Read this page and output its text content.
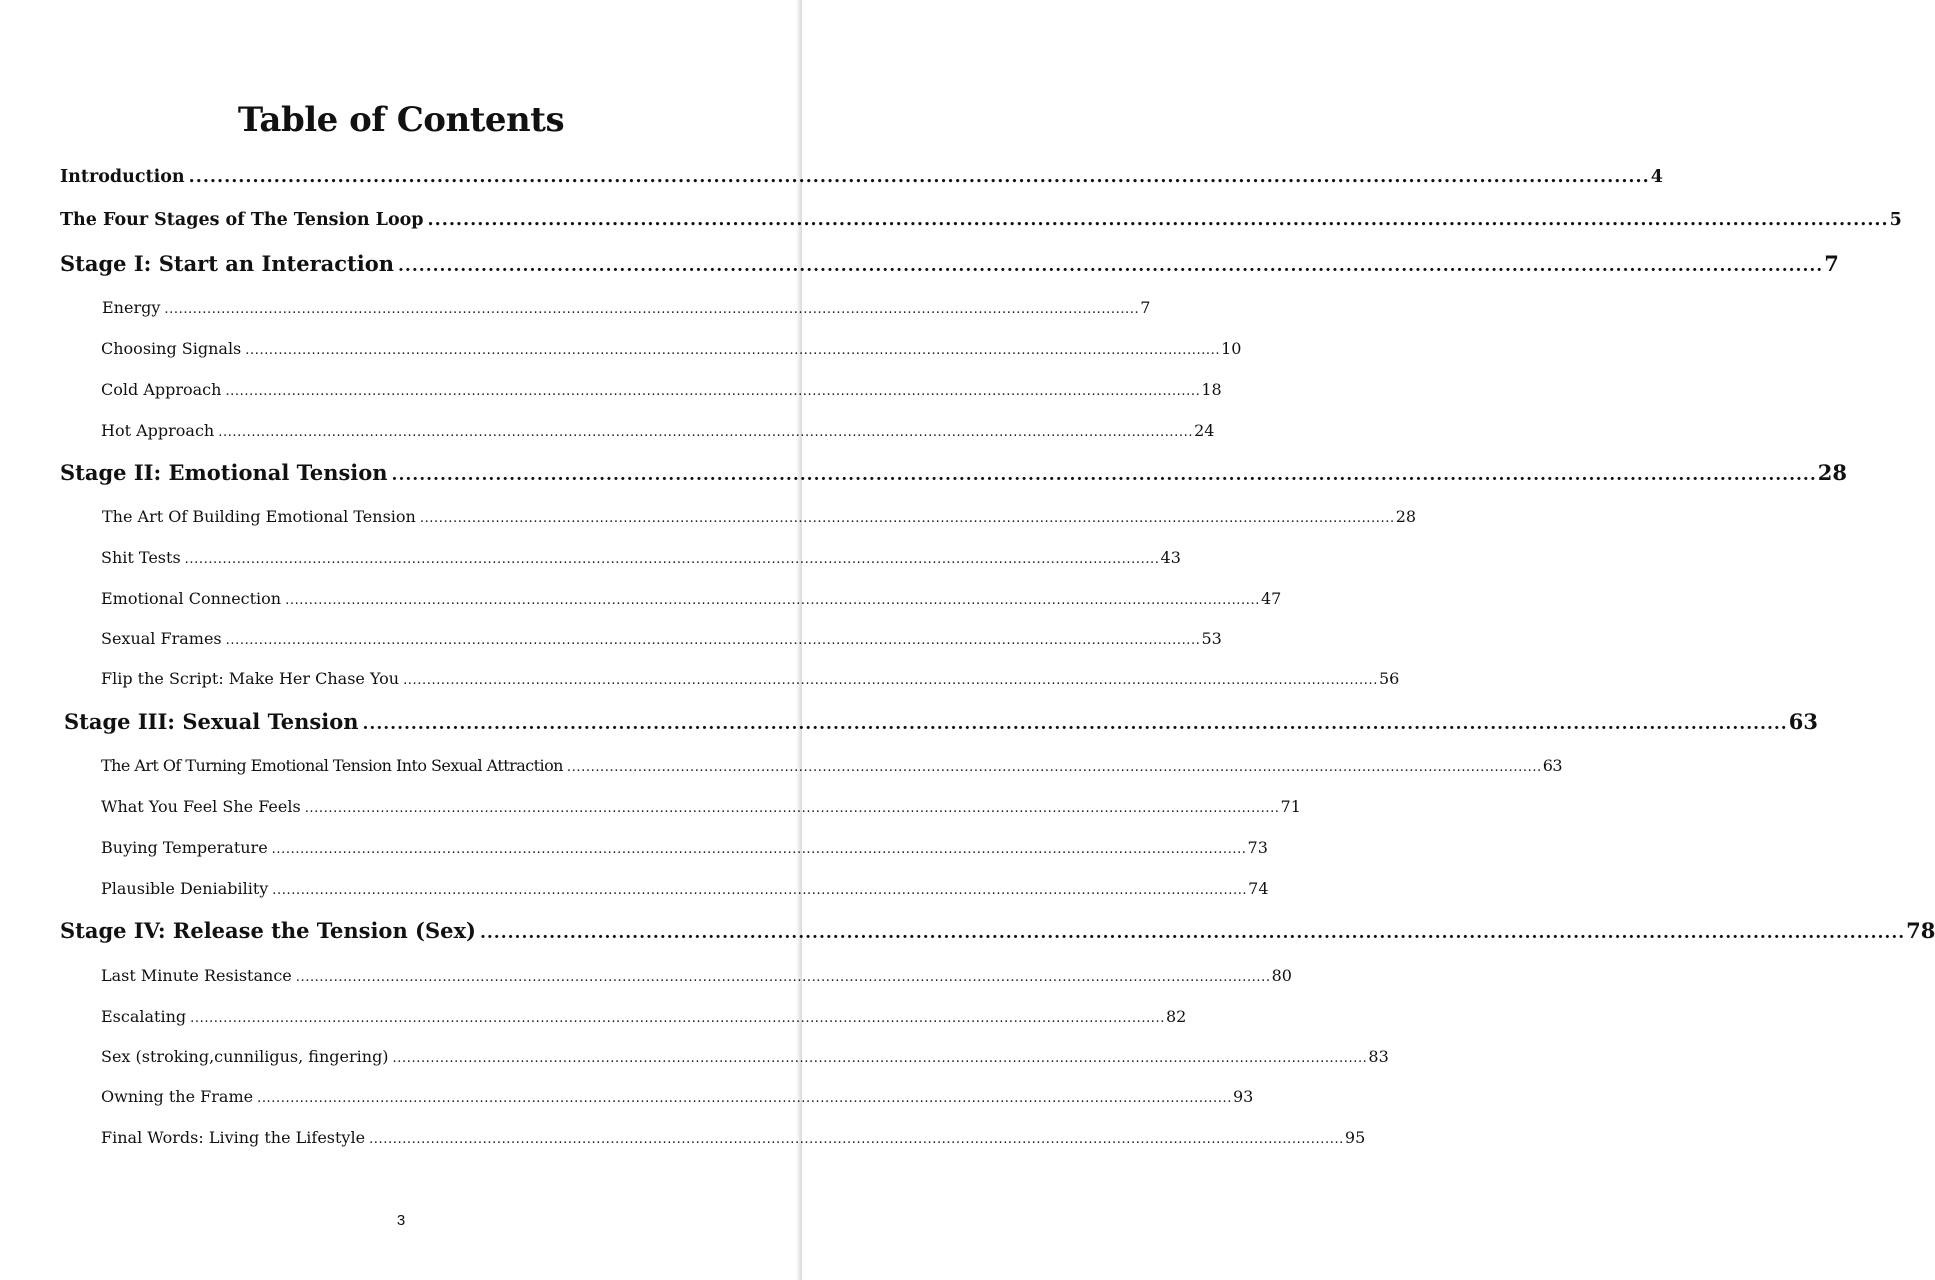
Table of Contents
Introduction .............................................................................................................................................................................................................. 4
The Four Stages of The Tension Loop .............................................................................................................................................................................................................. 5
Stage I: Start an Interaction .............................................................................................................................................................................................................. 7
Energy .............................................................................................................................................................................................................. 7
Choosing Signals .............................................................................................................................................................................................................. 10
Cold Approach .............................................................................................................................................................................................................. 18
Hot Approach .............................................................................................................................................................................................................. 24
Stage II: Emotional Tension .............................................................................................................................................................................................................. 28
The Art Of Building Emotional Tension .............................................................................................................................................................................................................. 28
Shit Tests .............................................................................................................................................................................................................. 43
Emotional Connection .............................................................................................................................................................................................................. 47
Sexual Frames .............................................................................................................................................................................................................. 53
Flip the Script: Make Her Chase You .............................................................................................................................................................................................................. 56
Stage III: Sexual Tension .............................................................................................................................................................................................................. 63
The Art Of Turning Emotional Tension Into Sexual Attraction .............................................................................................................................................................................................................. 63
What You Feel She Feels .............................................................................................................................................................................................................. 71
Buying Temperature .............................................................................................................................................................................................................. 73
Plausible Deniability .............................................................................................................................................................................................................. 74
Stage IV: Release the Tension (Sex) .............................................................................................................................................................................................................. 78
Last Minute Resistance .............................................................................................................................................................................................................. 80
Escalating .............................................................................................................................................................................................................. 82
Sex (stroking,cunniligus, fingering) .............................................................................................................................................................................................................. 83
Owning the Frame .............................................................................................................................................................................................................. 93
Final Words: Living the Lifestyle .............................................................................................................................................................................................................. 95
3
